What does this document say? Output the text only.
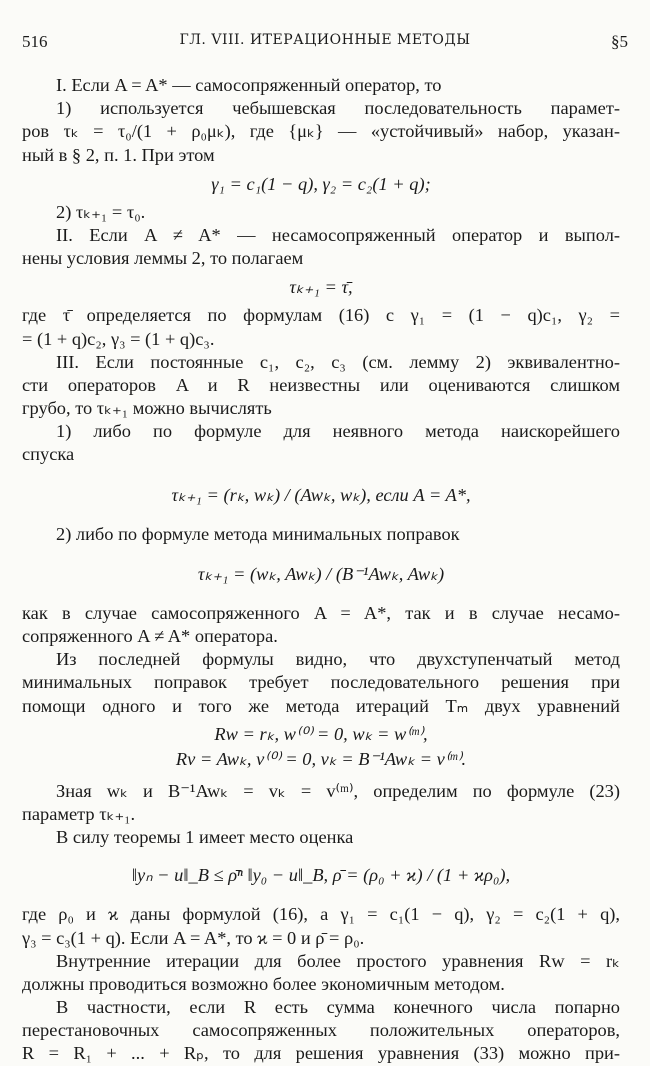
516	ГЛ. VIII. ИТЕРАЦИОННЫЕ МЕТОДЫ	§5
I. Если A = A* — самосопряженный оператор, то
1) используется чебышевская последовательность парамет-
ров τₖ = τ₀/(1 + ρ₀μₖ), где {μₖ} — «устойчивый» набор, указан-
ный в § 2, п. 1. При этом
γ₁ = c₁(1 − q), γ₂ = c₂(1 + q);
2) τₖ₊₁ = τ₀.
II. Если A ≠ A* — несамосопряженный оператор и выпол-
нены условия леммы 2, то полагаем
τₖ₊₁ = τ̄,
где τ̄ определяется по формулам (16) с γ₁ = (1 − q)c₁, γ₂ =
= (1 + q)c₂, γ₃ = (1 + q)c₃.
III. Если постоянные c₁, c₂, c₃ (см. лемму 2) эквивалентно-
сти операторов A и R неизвестны или оцениваются слишком
грубо, то τₖ₊₁ можно вычислять
1) либо по формуле для неявного метода наискорейшего
спуска
τₖ₊₁ = (rₖ, wₖ) / (Awₖ, wₖ), если A = A*,
2) либо по формуле метода минимальных поправок
τₖ₊₁ = (wₖ, Awₖ) / (B⁻¹Awₖ, Awₖ)
как в случае самосопряженного A = A*, так и в случае несамо-
сопряженного A ≠ A* оператора.
Из последней формулы видно, что двухступенчатый метод
минимальных поправок требует последовательного решения при
помощи одного и того же метода итераций Tₘ двух уравнений
Rw = rₖ, w⁽⁰⁾ = 0, wₖ = w⁽ᵐ⁾,
Rv = Awₖ, v⁽⁰⁾ = 0, vₖ = B⁻¹Awₖ = v⁽ᵐ⁾.
Зная wₖ и B⁻¹Awₖ = vₖ = v⁽ᵐ⁾, определим по формуле (23)
параметр τₖ₊₁.
В силу теоремы 1 имеет место оценка
‖yₙ − u‖_B ≤ ρ̄ⁿ ‖y₀ − u‖_B, ρ̄ = (ρ₀ + ϰ) / (1 + ϰρ₀),
где ρ₀ и ϰ даны формулой (16), а γ₁ = c₁(1 − q), γ₂ = c₂(1 + q),
γ₃ = c₃(1 + q). Если A = A*, то ϰ = 0 и ρ̄ = ρ₀.
Внутренние итерации для более простого уравнения Rw = rₖ
должны проводиться возможно более экономичным методом.
В частности, если R есть сумма конечного числа попарно
перестановочных самосопряженных положительных операторов,
R = R₁ + ... + Rₚ, то для решения уравнения (33) можно при-
